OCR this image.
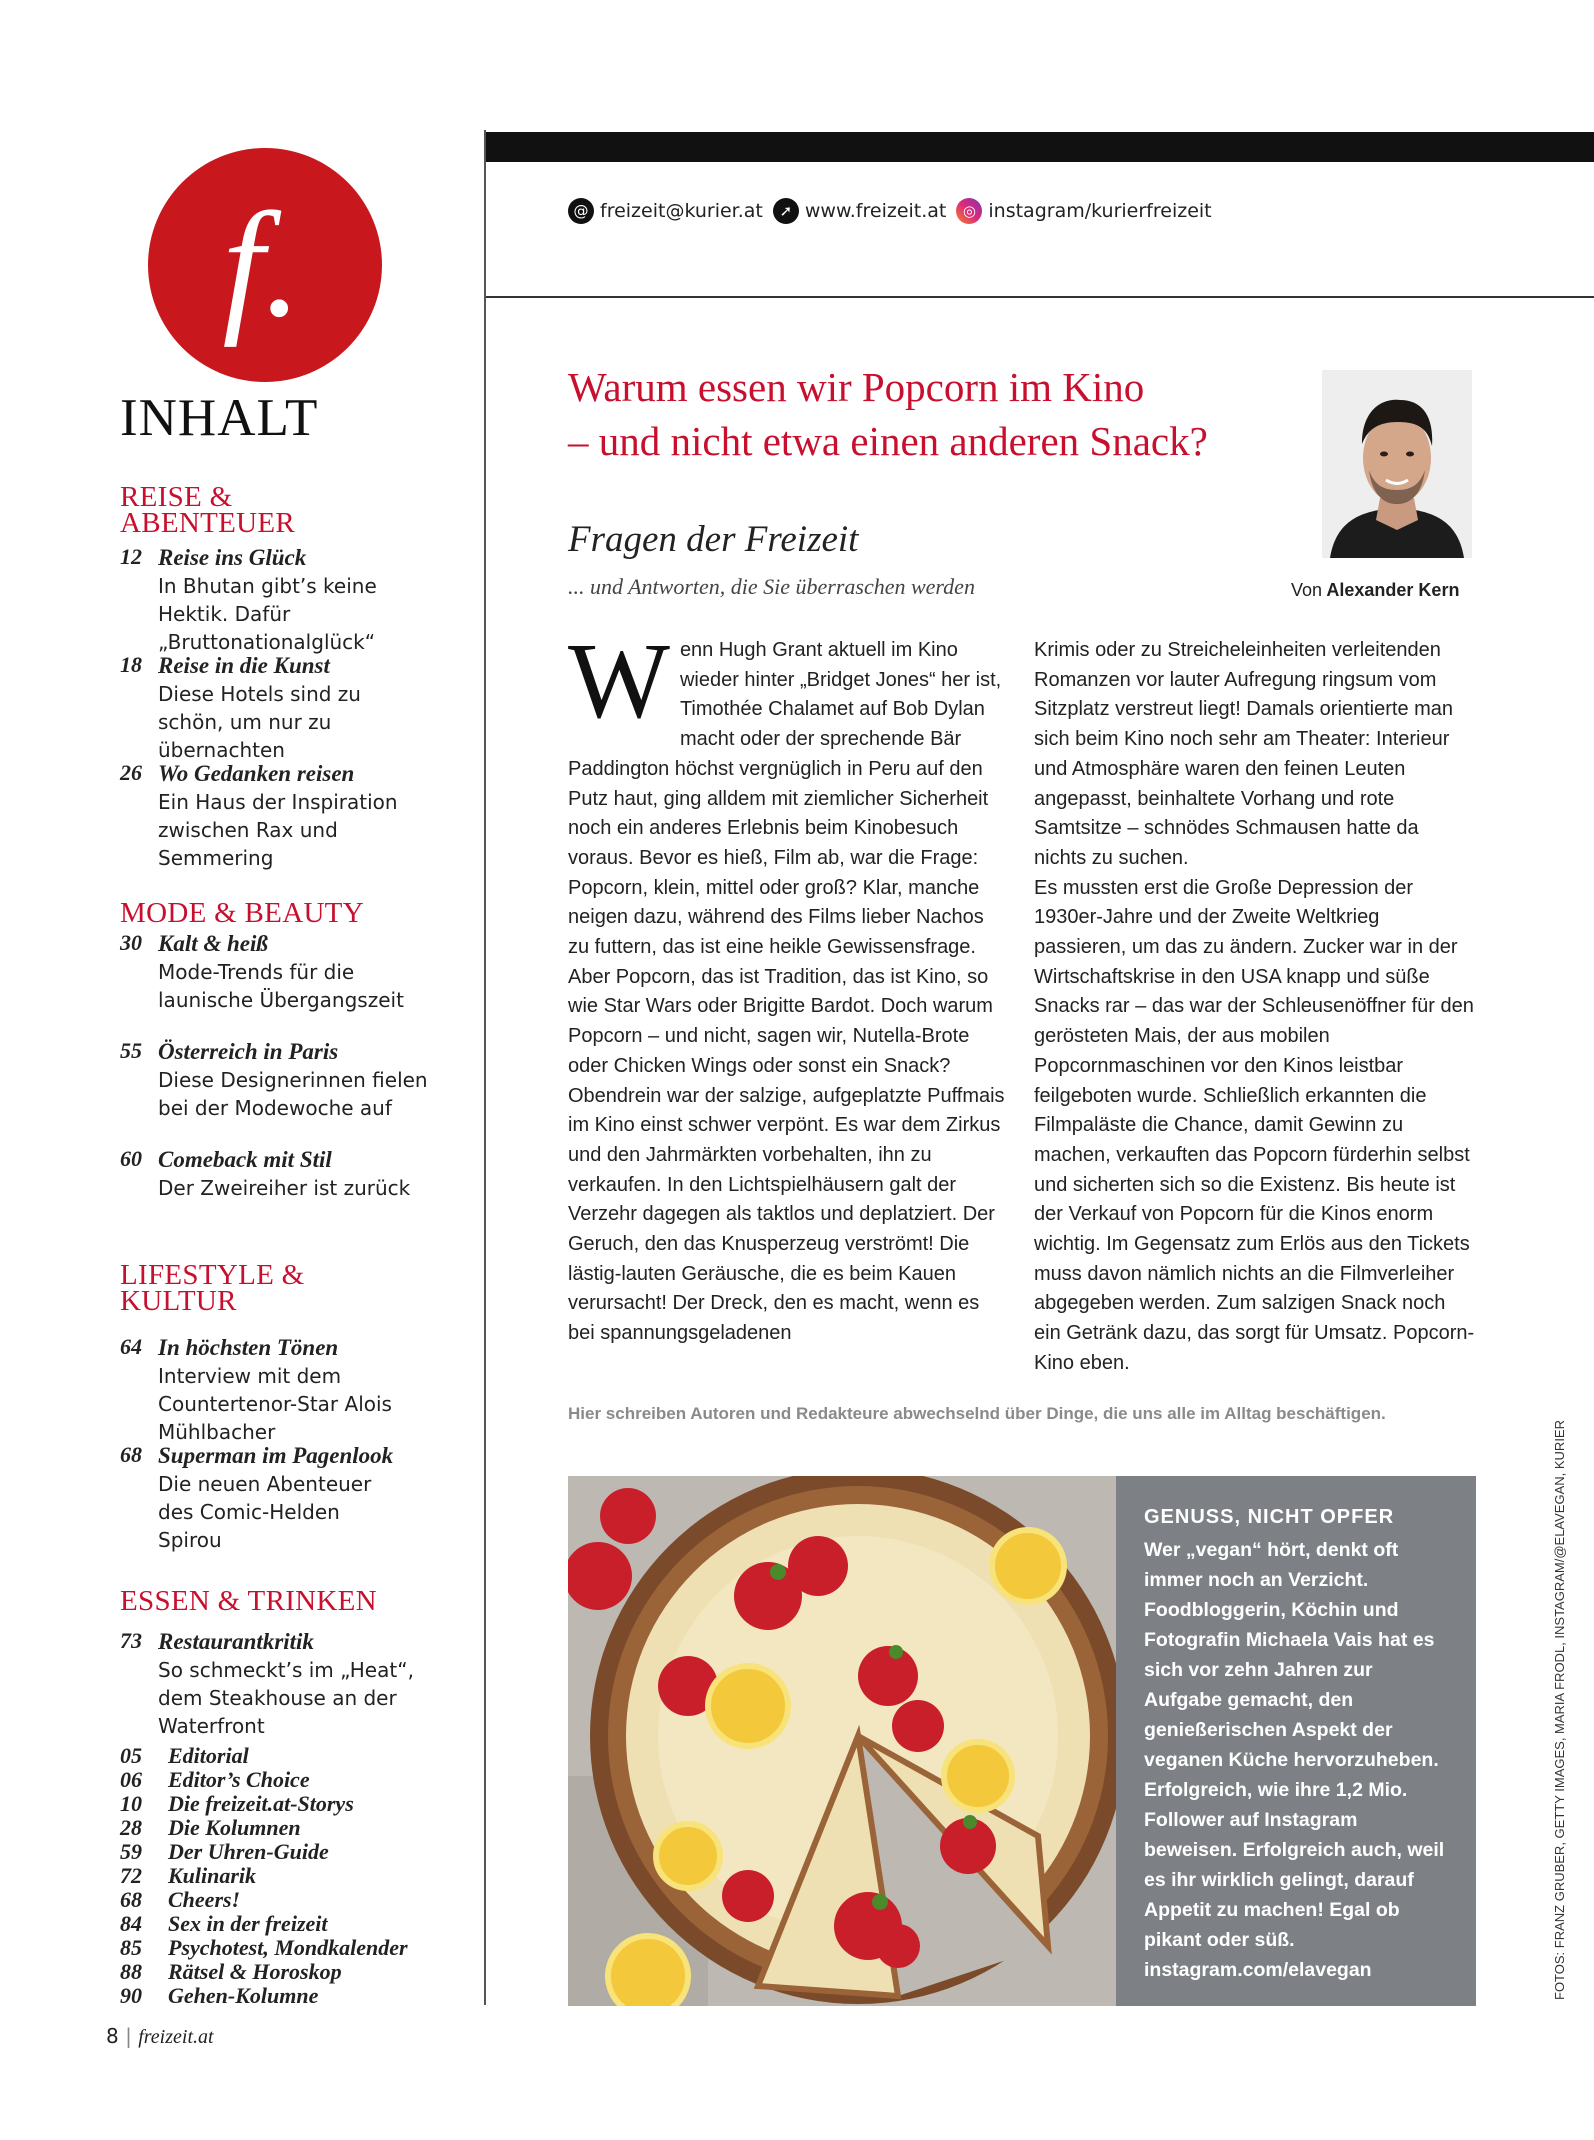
f.
INHALT
REISE & ABENTEUER
12 Reise ins Glück
In Bhutan gibt’s keine Hektik. Dafür „Bruttonationalglück“
18 Reise in die Kunst
Diese Hotels sind zu schön, um nur zu übernachten
26 Wo Gedanken reisen
Ein Haus der Inspiration zwischen Rax und Semmering
MODE & BEAUTY
30 Kalt & heiß
Mode-Trends für die launische Übergangszeit
55 Österreich in Paris
Diese Designerinnen fielen bei der Modewoche auf
60 Comeback mit Stil
Der Zweireiher ist zurück
LIFESTYLE & KULTUR
64 In höchsten Tönen
Interview mit dem Countertenor-Star Alois Mühlbacher
68 Superman im Pagenlook
Die neuen Abenteuer des Comic-Helden Spirou
ESSEN & TRINKEN
73 Restaurantkritik
So schmeckt’s im „Heat“, dem Steakhouse an der Waterfront
05 Editorial
06 Editor’s Choice
10 Die freizeit.at-Storys
28 Die Kolumnen
59 Der Uhren-Guide
72 Kulinarik
68 Cheers!
84 Sex in der freizeit
85 Psychotest, Mondkalender
88 Rätsel & Horoskop
90 Gehen-Kolumne
8 | freizeit.at
@ freizeit@kurier.at	➚ www.freizeit.at	◎ instagram/kurierfreizeit
Warum essen wir Popcorn im Kino
– und nicht etwa einen anderen Snack?
Fragen der Freizeit
... und Antworten, die Sie überraschen werden	Von Alexander Kern

Wenn Hugh Grant aktuell im Kino wieder hinter „Bridget Jones“ her ist, Timothée Chalamet auf Bob Dylan macht oder der sprechende Bär Paddington höchst vergnüglich in Peru auf den Putz haut, ging alldem mit ziemlicher Sicherheit noch ein anderes Erlebnis beim Kinobesuch voraus. Bevor es hieß, Film ab, war die Frage: Popcorn, klein, mittel oder groß? Klar, manche neigen dazu, während des Films lieber Nachos zu futtern, das ist eine heikle Gewissensfrage. Aber Popcorn, das ist Tradition, das ist Kino, so wie Star Wars oder Brigitte Bardot. Doch warum Popcorn – und nicht, sagen wir, Nutella-Brote oder Chicken Wings oder sonst ein Snack?

Obendrein war der salzige, aufgeplatzte Puffmais im Kino einst schwer verpönt. Es war dem Zirkus und den Jahrmärkten vorbehalten, ihn zu verkaufen. In den Lichtspielhäusern galt der Verzehr dagegen als taktlos und deplatziert. Der Geruch, den das Knusperzeug verströmt! Die lästig-lauten Geräusche, die es beim Kauen verursacht! Der Dreck, den es macht, wenn es bei spannungsgeladenen

Krimis oder zu Streicheleinheiten verleitenden Romanzen vor lauter Aufregung ringsum vom Sitzplatz verstreut liegt! Damals orientierte man sich beim Kino noch sehr am Theater: Interieur und Atmosphäre waren den feinen Leuten angepasst, beinhaltete Vorhang und rote Samtsitze – schnödes Schmausen hatte da nichts zu suchen.

Es mussten erst die Große Depression der 1930er-Jahre und der Zweite Weltkrieg passieren, um das zu ändern. Zucker war in der Wirtschaftskrise in den USA knapp und süße Snacks rar – das war der Schleusenöffner für den gerösteten Mais, der aus mobilen Popcornmaschinen vor den Kinos leistbar feilgeboten wurde. Schließlich erkannten die Filmpaläste die Chance, damit Gewinn zu machen, verkauften das Popcorn fürderhin selbst und sicherten sich so die Existenz. Bis heute ist der Verkauf von Popcorn für die Kinos enorm wichtig. Im Gegensatz zum Erlös aus den Tickets muss davon nämlich nichts an die Filmverleiher abgegeben werden. Zum salzigen Snack noch ein Getränk dazu, das sorgt für Umsatz. Popcorn-Kino eben.

Hier schreiben Autoren und Redakteure abwechselnd über Dinge, die uns alle im Alltag beschäftigen.
GENUSS, NICHT OPFER
Wer „vegan“ hört, denkt oft immer noch an Verzicht. Foodbloggerin, Köchin und Fotografin Michaela Vais hat es sich vor zehn Jahren zur Aufgabe gemacht, den genießerischen Aspekt der veganen Küche hervorzuheben. Erfolgreich, wie ihre 1,2 Mio. Follower auf Instagram beweisen. Erfolgreich auch, weil es ihr wirklich gelingt, darauf Appetit zu machen! Egal ob pikant oder süß.
instagram.com/elavegan	FOTOS: FRANZ GRUBER, GETTY IMAGES, MARIA FRODL, INSTAGRAM/@ELAVEGAN, KURIER
